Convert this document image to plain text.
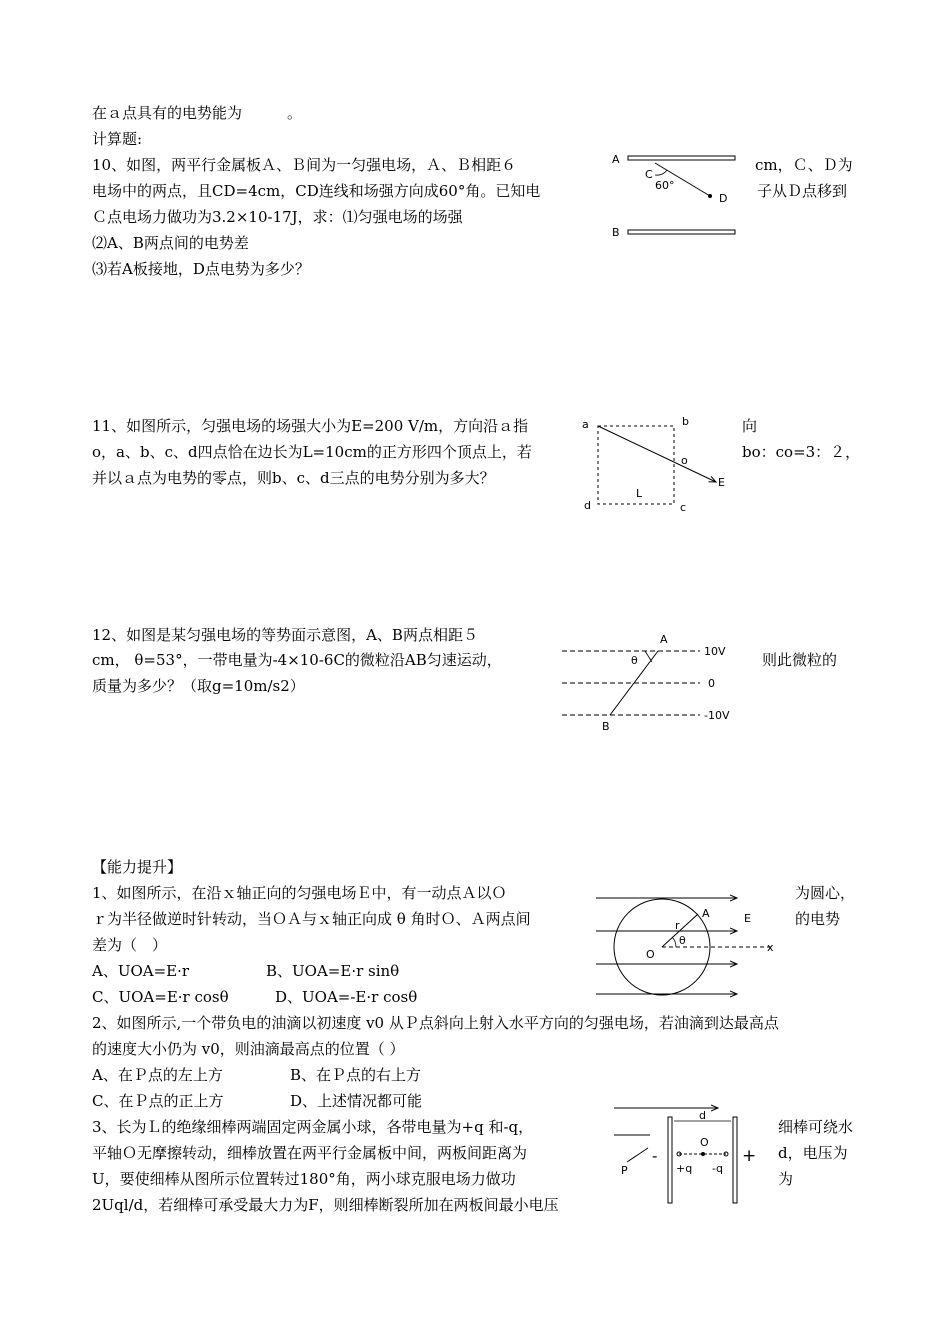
在ａ点具有的电势能为　　　。
计算题:
10、如图，两平行金属板Ａ、Ｂ间为一匀强电场，Ａ、Ｂ相距６	cm，Ｃ、Ｄ为
电场中的两点，且CD=4cm，CD连线和场强方向成60°角。已知电	子从Ｄ点移到
Ｃ点电场力做功为3.2×10-17J，求：⑴匀强电场的场强
⑵A、B两点间的电势差
⑶若A板接地，D点电势为多少？
11、如图所示，匀强电场的场强大小为E=200 V/m，方向沿ａ指	向
o，a、b、c、d四点恰在边长为L=10cm的正方形四个顶点上，若	bo：co=3：２，
并以ａ点为电势的零点，则b、c、d三点的电势分别为多大？
12、如图是某匀强电场的等势面示意图，A、B两点相距５
cm， θ=53°，一带电量为-4×10-6C的微粒沿AB匀速运动，	则此微粒的
质量为多少？（取g=10m/s2）
【能力提升】
1、如图所示，在沿ｘ轴正向的匀强电场Ｅ中，有一动点Ａ以Ｏ	为圆心，
ｒ为半径做逆时针转动，当ＯＡ与ｘ轴正向成 θ 角时Ｏ、Ａ两点间	的电势
差为（　）
A、UOA=E·r	B、UOA=E·r sinθ
C、UOA=E·r cosθ	D、UOA=-E·r cosθ
2、如图所示,一个带负电的油滴以初速度 v0 从Ｐ点斜向上射入水平方向的匀强电场，若油滴到达最高点
的速度大小仍为 v0，则油滴最高点的位置（ ）
A、在Ｐ点的左上方	B、在Ｐ点的右上方
C、在Ｐ点的正上方	D、上述情况都可能
3、长为Ｌ的绝缘细棒两端固定两金属小球，各带电量为+q 和-q，	细棒可绕水
平轴Ｏ无摩擦转动，细棒放置在两平行金属板中间，两板间距离为	d，电压为
U，要使细棒从图所示位置转过180°角，两小球克服电场力做功	为
2Uql/d，若细棒可承受最大力为F，则细棒断裂所加在两板间最小电压
A
B
C
60°
D
a	b
d	c
o
E
L
A
B
θ
10V
0
-10V
r
A	E
O
θ
x
d
O
+q -q
P
-	+
